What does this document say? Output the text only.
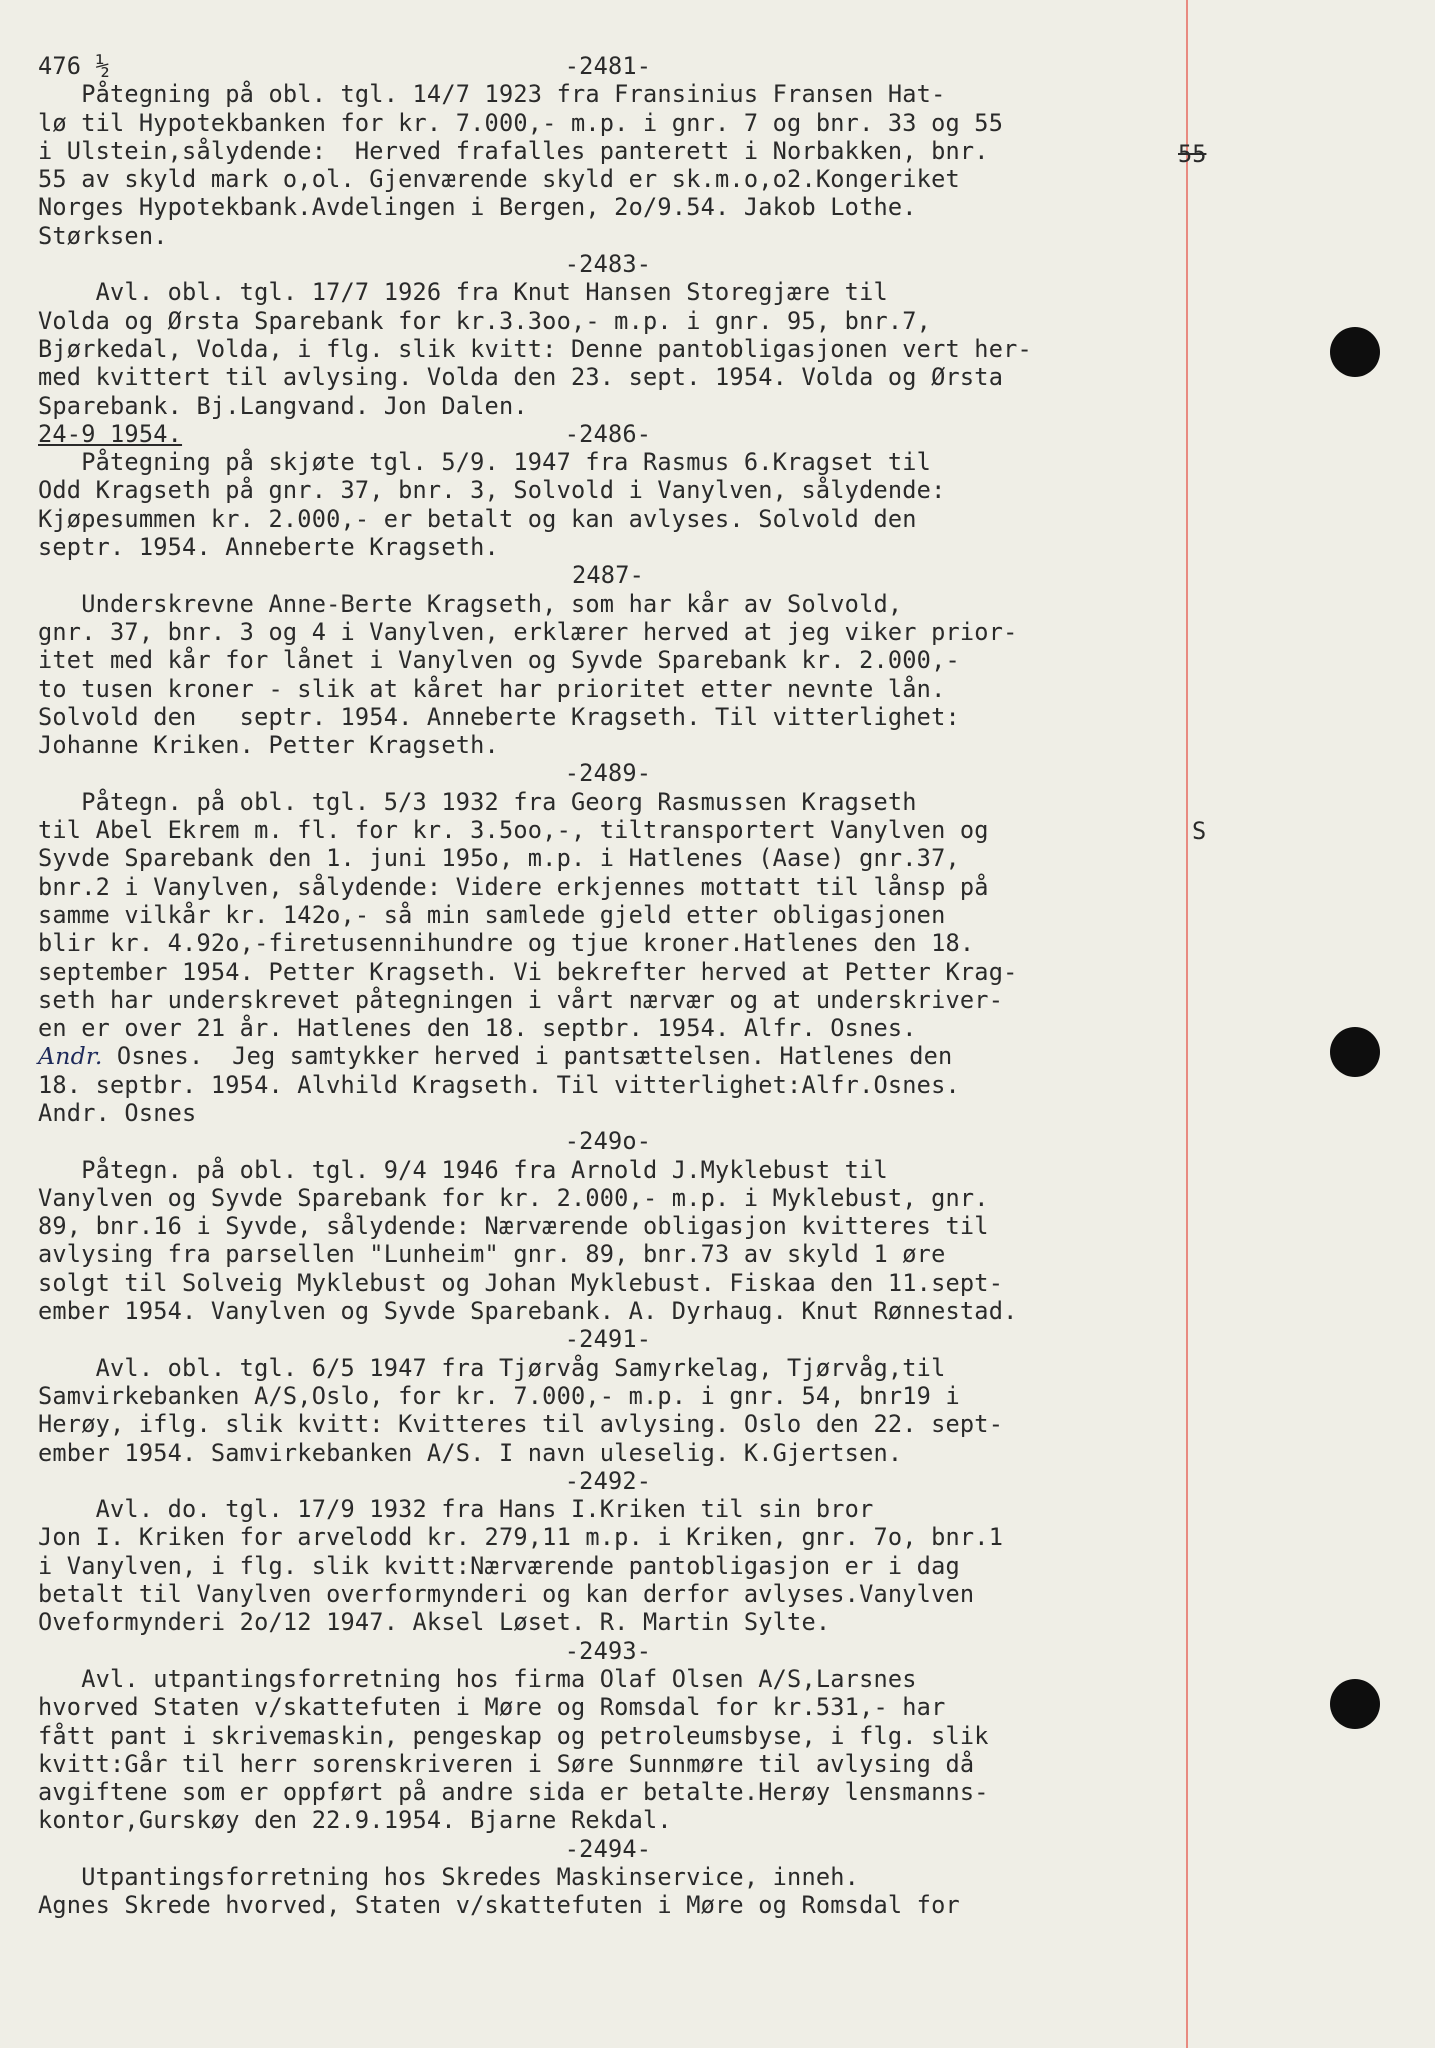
55
S
476 ½	-2481-
Påtegning på obl. tgl. 14/7 1923 fra Fransinius Fransen Hat-
lø til Hypotekbanken for kr. 7.000,- m.p. i gnr. 7 og bnr. 33 og 55
i Ulstein,sålydende:  Herved frafalles panterett i Norbakken, bnr.
55 av skyld mark o,ol. Gjenværende skyld er sk.m.o,o2.Kongeriket
Norges Hypotekbank.Avdelingen i Bergen, 2o/9.54. Jakob Lothe.
Størksen.
-2483-
Avl. obl. tgl. 17/7 1926 fra Knut Hansen Storegjære til
Volda og Ørsta Sparebank for kr.3.3oo,- m.p. i gnr. 95, bnr.7,
Bjørkedal, Volda, i flg. slik kvitt: Denne pantobligasjonen vert her-
med kvittert til avlysing. Volda den 23. sept. 1954. Volda og Ørsta
Sparebank. Bj.Langvand. Jon Dalen.
24-9 1954.	-2486-
Påtegning på skjøte tgl. 5/9. 1947 fra Rasmus 6.Kragset til
Odd Kragseth på gnr. 37, bnr. 3, Solvold i Vanylven, sålydende:
Kjøpesummen kr. 2.000,- er betalt og kan avlyses. Solvold den
septr. 1954. Anneberte Kragseth.
2487-
Underskrevne Anne-Berte Kragseth, som har kår av Solvold,
gnr. 37, bnr. 3 og 4 i Vanylven, erklærer herved at jeg viker prior-
itet med kår for lånet i Vanylven og Syvde Sparebank kr. 2.000,-
to tusen kroner - slik at kåret har prioritet etter nevnte lån.
Solvold den   septr. 1954. Anneberte Kragseth. Til vitterlighet:
Johanne Kriken. Petter Kragseth.
-2489-
Påtegn. på obl. tgl. 5/3 1932 fra Georg Rasmussen Kragseth
til Abel Ekrem m. fl. for kr. 3.5oo,-, tiltransportert Vanylven og
Syvde Sparebank den 1. juni 195o, m.p. i Hatlenes (Aase) gnr.37,
bnr.2 i Vanylven, sålydende: Videre erkjennes mottatt til lånsp på
samme vilkår kr. 142o,- så min samlede gjeld etter obligasjonen
blir kr. 4.92o,-firetusennihundre og tjue kroner.Hatlenes den 18.
september 1954. Petter Kragseth. Vi bekrefter herved at Petter Krag-
seth har underskrevet påtegningen i vårt nærvær og at underskriver-
en er over 21 år. Hatlenes den 18. septbr. 1954. Alfr. Osnes.
Andr. Osnes.  Jeg samtykker herved i pantsættelsen. Hatlenes den
18. septbr. 1954. Alvhild Kragseth. Til vitterlighet:Alfr.Osnes.
Andr. Osnes
-249o-
Påtegn. på obl. tgl. 9/4 1946 fra Arnold J.Myklebust til
Vanylven og Syvde Sparebank for kr. 2.000,- m.p. i Myklebust, gnr.
89, bnr.16 i Syvde, sålydende: Nærværende obligasjon kvitteres til
avlysing fra parsellen "Lunheim" gnr. 89, bnr.73 av skyld 1 øre
solgt til Solveig Myklebust og Johan Myklebust. Fiskaa den 11.sept-
ember 1954. Vanylven og Syvde Sparebank. A. Dyrhaug. Knut Rønnestad.
-2491-
Avl. obl. tgl. 6/5 1947 fra Tjørvåg Samyrkelag, Tjørvåg,til
Samvirkebanken A/S,Oslo, for kr. 7.000,- m.p. i gnr. 54, bnr19 i
Herøy, iflg. slik kvitt: Kvitteres til avlysing. Oslo den 22. sept-
ember 1954. Samvirkebanken A/S. I navn uleselig. K.Gjertsen.
-2492-
Avl. do. tgl. 17/9 1932 fra Hans I.Kriken til sin bror
Jon I. Kriken for arvelodd kr. 279,11 m.p. i Kriken, gnr. 7o, bnr.1
i Vanylven, i flg. slik kvitt:Nærværende pantobligasjon er i dag
betalt til Vanylven overformynderi og kan derfor avlyses.Vanylven
Oveformynderi 2o/12 1947. Aksel Løset. R. Martin Sylte.
-2493-
Avl. utpantingsforretning hos firma Olaf Olsen A/S,Larsnes
hvorved Staten v/skattefuten i Møre og Romsdal for kr.531,- har
fått pant i skrivemaskin, pengeskap og petroleumsbyse, i flg. slik
kvitt:Går til herr sorenskriveren i Søre Sunnmøre til avlysing då
avgiftene som er oppført på andre sida er betalte.Herøy lensmanns-
kontor,Gurskøy den 22.9.1954. Bjarne Rekdal.
-2494-
Utpantingsforretning hos Skredes Maskinservice, inneh.
Agnes Skrede hvorved, Staten v/skattefuten i Møre og Romsdal for
